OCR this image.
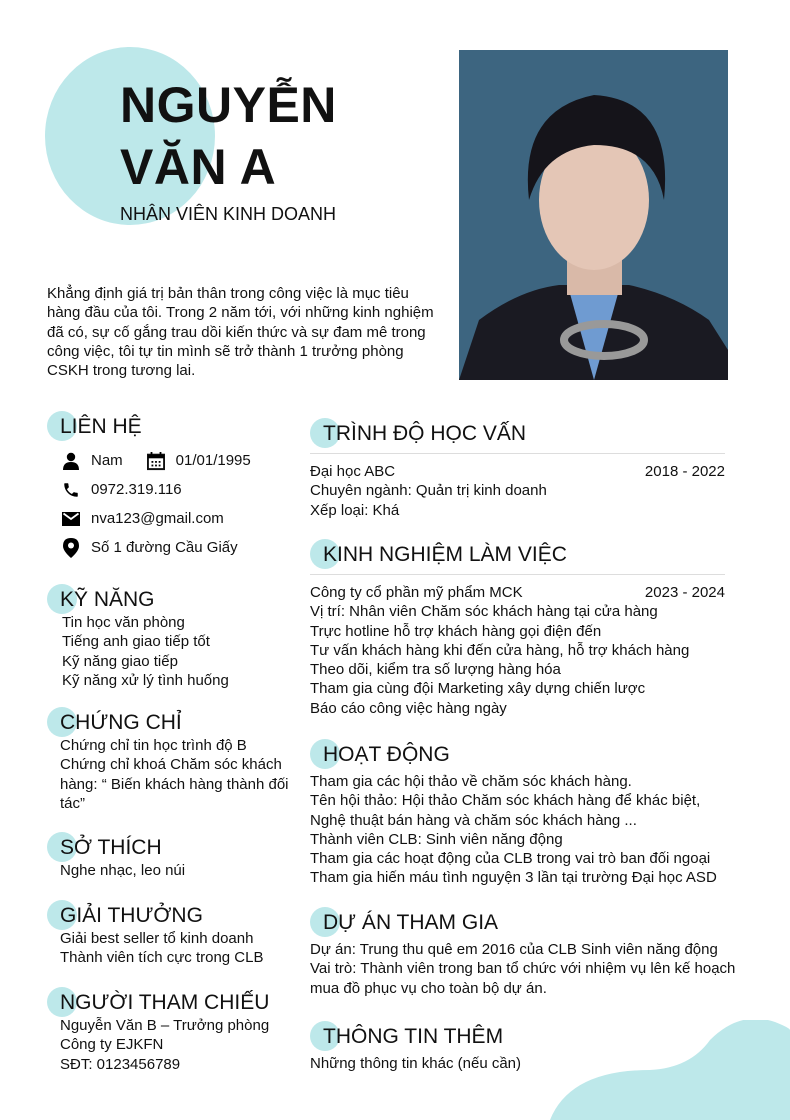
NGUYỄN
VĂN A
NHÂN VIÊN KINH DOANH
Khẳng định giá trị bản thân trong công việc là mục tiêu hàng đầu của tôi. Trong 2 năm tới, với những kinh nghiệm đã có, sự cố gắng trau dồi kiến thức và sự đam mê trong công việc, tôi tự tin mình sẽ trở thành 1 trưởng phòng CSKH trong tương lai.
LIÊN HỆ
Nam	01/01/1995
0972.319.116
nva123@gmail.com
Số 1 đường Cầu Giấy
KỸ NĂNG
Tin học văn phòng
Tiếng anh giao tiếp tốt
Kỹ năng giao tiếp
Kỹ năng xử lý tình huống
CHỨNG CHỈ
Chứng chỉ tin học trình độ B
Chứng chỉ khoá Chăm sóc khách hàng: “ Biến khách hàng thành đối tác”
SỞ THÍCH
Nghe nhạc, leo núi
GIẢI THƯỞNG
Giải best seller tổ kinh doanh
Thành viên tích cực trong CLB
NGƯỜI THAM CHIẾU
Nguyễn Văn B – Trưởng phòng
Công ty EJKFN
SĐT: 0123456789
TRÌNH ĐỘ HỌC VẤN
Đại học ABC	2018 - 2022
Chuyên ngành: Quản trị kinh doanh
Xếp loại: Khá
KINH NGHIỆM LÀM VIỆC
Công ty cổ phần mỹ phẩm MCK	2023 - 2024
Vị trí: Nhân viên Chăm sóc khách hàng tại cửa hàng
Trực hotline hỗ trợ khách hàng gọi điện đến
Tư vấn khách hàng khi đến cửa hàng, hỗ trợ khách hàng
Theo dõi, kiểm tra số lượng hàng hóa
Tham gia cùng đội Marketing xây dựng chiến lược
Báo cáo công việc hàng ngày
HOẠT ĐỘNG
Tham gia các hội thảo về chăm sóc khách hàng.
Tên hội thảo: Hội thảo Chăm sóc khách hàng để khác biệt,
Nghệ thuật bán hàng và chăm sóc khách hàng ...
Thành viên CLB: Sinh viên năng động
Tham gia các hoạt động của CLB trong vai trò ban đối ngoại
Tham gia hiến máu tình nguyện 3 lần tại trường Đại học ASD
DỰ ÁN THAM GIA
Dự án: Trung thu quê em 2016 của CLB Sinh viên năng động
Vai trò: Thành viên trong ban tổ chức với nhiệm vụ lên kế hoạch mua đồ phục vụ cho toàn bộ dự án.
THÔNG TIN THÊM
Những thông tin khác (nếu cần)
